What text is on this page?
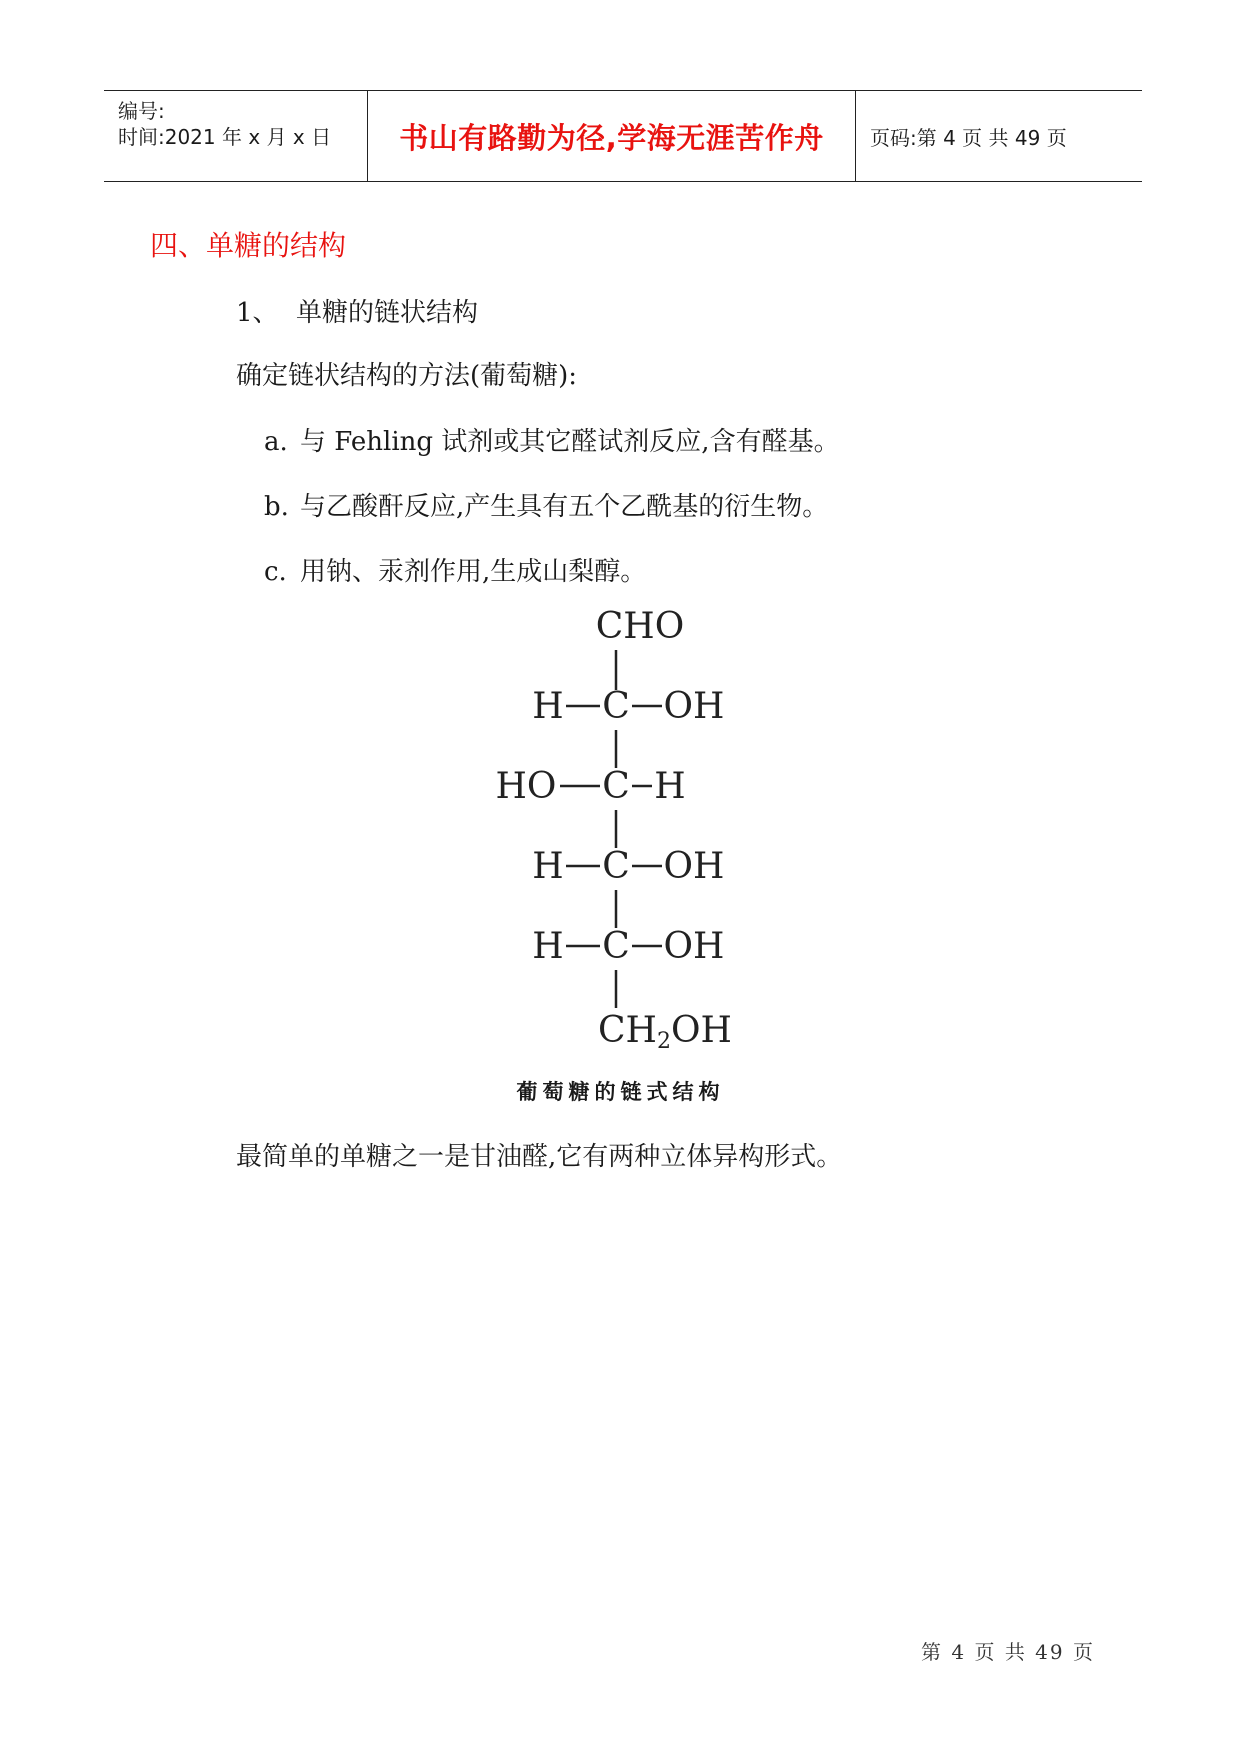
编号:
时间:2021 年 x 月 x 日 书山有路勤为径,学海无涯苦作舟 页码:第 4 页 共 49 页
四、单糖的结构
1、 单糖的链状结构
确定链状结构的方法(葡萄糖):
a. 与 Fehling 试剂或其它醛试剂反应,含有醛基。
b. 与乙酸酐反应,产生具有五个乙酰基的衍生物。
c. 用钠、汞剂作用,生成山梨醇。
CHO
H C OH
HO C H
H C OH
H C OH
CH2OH
葡萄糖的链式结构
最简单的单糖之一是甘油醛,它有两种立体异构形式。
第 4 页 共 49 页
